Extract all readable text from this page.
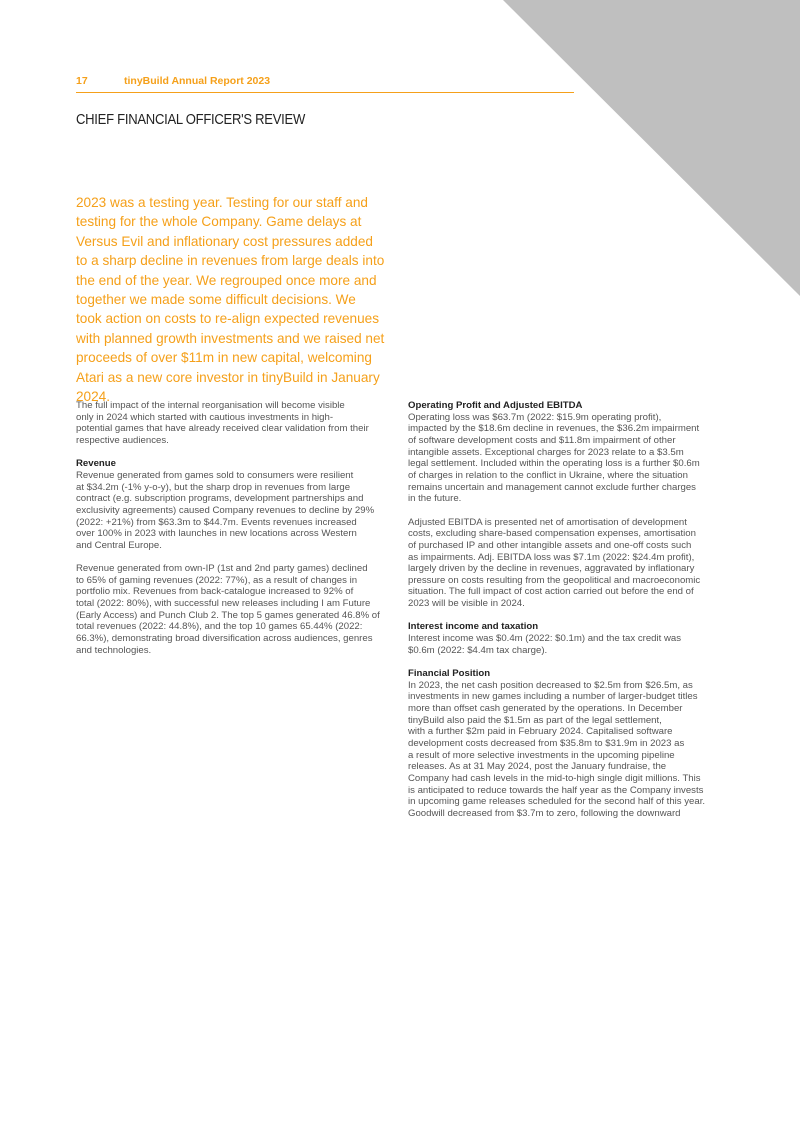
17	tinyBuild Annual Report 2023
CHIEF FINANCIAL OFFICER'S REVIEW
2023 was a testing year. Testing for our staff and
testing for the whole Company. Game delays at
Versus Evil and inflationary cost pressures added
to a sharp decline in revenues from large deals into
the end of the year. We regrouped once more and
together we made some difficult decisions. We
took action on costs to re-align expected revenues
with planned growth investments and we raised net
proceeds of over $11m in new capital, welcoming
Atari as a new core investor in tinyBuild in January
2024.

The full impact of the internal reorganisation will become visible
only in 2024 which started with cautious investments in high-
potential games that have already received clear validation from their
respective audiences.

Revenue

Revenue generated from games sold to consumers were resilient
at $34.2m (-1% y-o-y), but the sharp drop in revenues from large
contract (e.g. subscription programs, development partnerships and
exclusivity agreements) caused Company revenues to decline by 29%
(2022: +21%) from $63.3m to $44.7m. Events revenues increased
over 100% in 2023 with launches in new locations across Western
and Central Europe.

Revenue generated from own-IP (1st and 2nd party games) declined
to 65% of gaming revenues (2022: 77%), as a result of changes in
portfolio mix. Revenues from back-catalogue increased to 92% of
total (2022: 80%), with successful new releases including I am Future
(Early Access) and Punch Club 2. The top 5 games generated 46.8% of
total revenues (2022: 44.8%), and the top 10 games 65.44% (2022:
66.3%), demonstrating broad diversification across audiences, genres
and technologies.

Operating Profit and Adjusted EBITDA

Operating loss was $63.7m (2022: $15.9m operating profit),
impacted by the $18.6m decline in revenues, the $36.2m impairment
of software development costs and $11.8m impairment of other
intangible assets. Exceptional charges for 2023 relate to a $3.5m
legal settlement. Included within the operating loss is a further $0.6m
of charges in relation to the conflict in Ukraine, where the situation
remains uncertain and management cannot exclude further charges
in the future.

Adjusted EBITDA is presented net of amortisation of development
costs, excluding share-based compensation expenses, amortisation
of purchased IP and other intangible assets and one-off costs such
as impairments. Adj. EBITDA loss was $7.1m (2022: $24.4m profit),
largely driven by the decline in revenues, aggravated by inflationary
pressure on costs resulting from the geopolitical and macroeconomic
situation. The full impact of cost action carried out before the end of
2023 will be visible in 2024.

Interest income and taxation

Interest income was $0.4m (2022: $0.1m) and the tax credit was
$0.6m (2022: $4.4m tax charge).

Financial Position

In 2023, the net cash position decreased to $2.5m from $26.5m, as
investments in new games including a number of larger-budget titles
more than offset cash generated by the operations. In December
tinyBuild also paid the $1.5m as part of the legal settlement,
with a further $2m paid in February 2024. Capitalised software
development costs decreased from $35.8m to $31.9m in 2023 as
a result of more selective investments in the upcoming pipeline
releases. As at 31 May 2024, post the January fundraise, the
Company had cash levels in the mid-to-high single digit millions. This
is anticipated to reduce towards the half year as the Company invests
in upcoming game releases scheduled for the second half of this year.
Goodwill decreased from $3.7m to zero, following the downward
